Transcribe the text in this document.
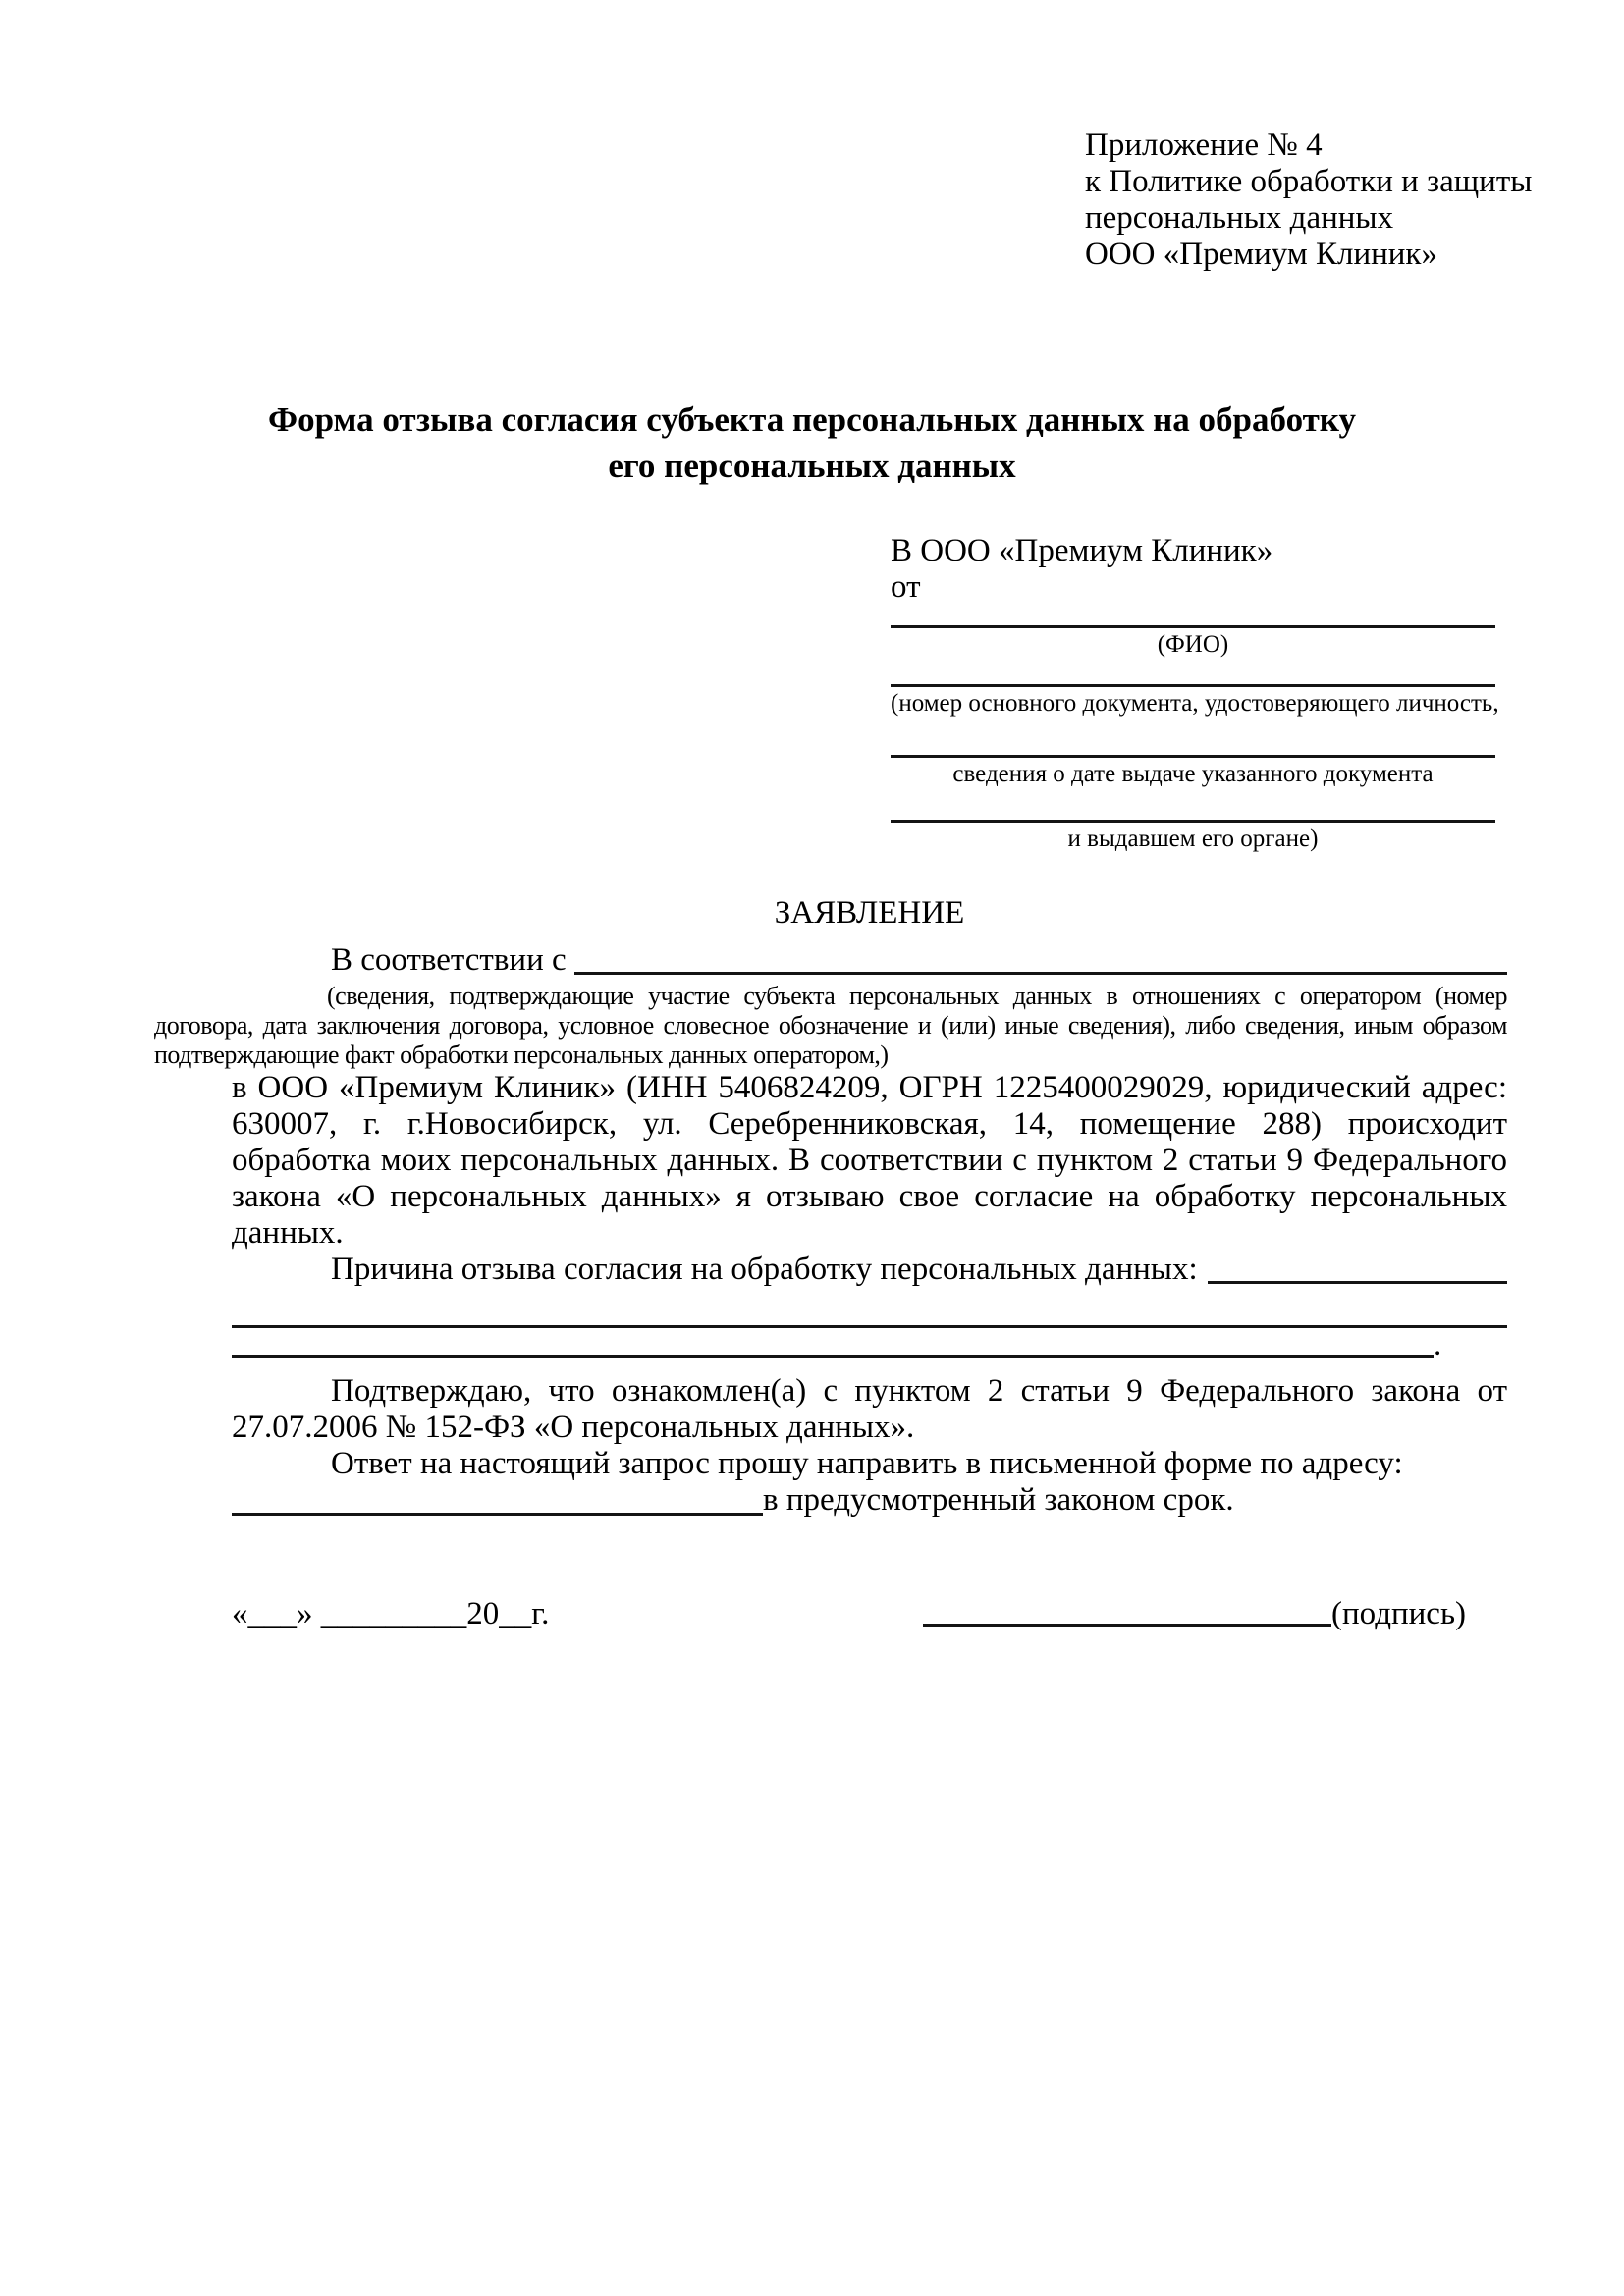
Приложение № 4
к Политике обработки и защиты
персональных данных
ООО «Премиум Клиник»
Форма отзыва согласия субъекта персональных данных на обработку
его персональных данных
В ООО «Премиум Клиник»
от
(ФИО)
(номер основного документа, удостоверяющего личность,
сведения о дате выдаче указанного документа
и выдавшем его органе)
ЗАЯВЛЕНИЕ
В соответствии с
(сведения, подтверждающие участие субъекта персональных данных в отношениях с оператором (номер договора, дата заключения договора, условное словесное обозначение и (или) иные сведения), либо сведения, иным образом подтверждающие факт обработки персональных данных оператором,)
в ООО «Премиум Клиник» (ИНН 5406824209, ОГРН 1225400029029, юридический адрес: 630007, г. г.Новосибирск, ул. Серебренниковская, 14, помещение 288) происходит обработка моих персональных данных. В соответствии с пунктом 2 статьи 9 Федерального закона «О персональных данных» я отзываю свое согласие на обработку персональных данных.
Причина отзыва согласия на обработку персональных данных:
.
Подтверждаю, что ознакомлен(а) с пунктом 2 статьи 9 Федерального закона от 27.07.2006 № 152-ФЗ «О персональных данных».
Ответ на настоящий запрос прошу направить в письменной форме по адресу:
в предусмотренный законом срок.
«___» _________20__г.	(подпись)
